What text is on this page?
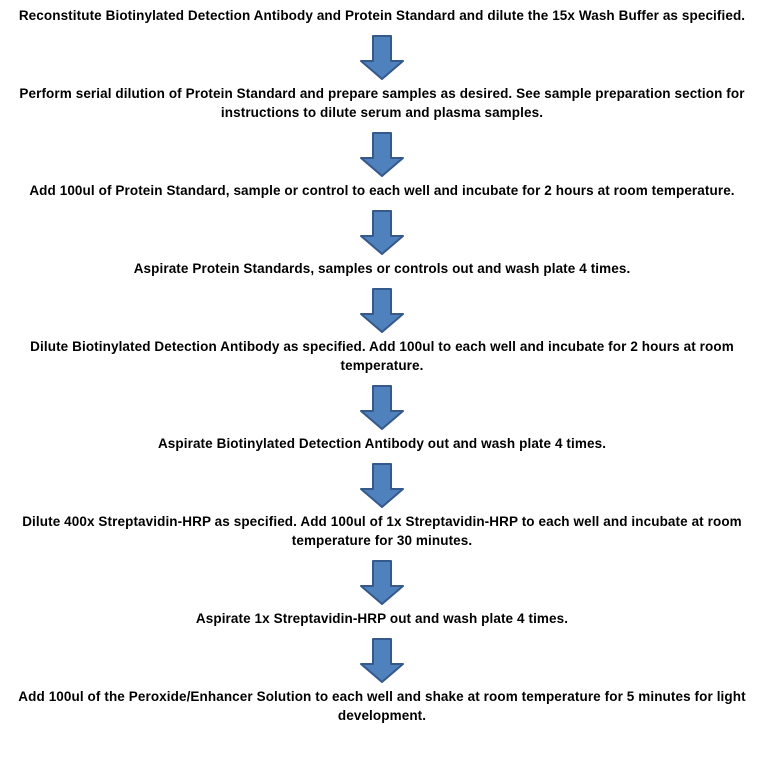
Reconstitute Biotinylated Detection Antibody and Protein Standard and dilute the 15x Wash Buffer as specified.
Perform serial dilution of Protein Standard and prepare samples as desired. See sample preparation section for instructions to dilute serum and plasma samples.
Add 100ul of Protein Standard, sample or control to each well and incubate for 2 hours at room temperature.
Aspirate Protein Standards, samples or controls out and wash plate 4 times.
Dilute Biotinylated Detection Antibody as specified. Add 100ul to each well and incubate for 2 hours at room temperature.
Aspirate Biotinylated Detection Antibody out and wash plate 4 times.
Dilute 400x Streptavidin-HRP as specified. Add 100ul of 1x Streptavidin-HRP to each well and incubate at room temperature for 30 minutes.
Aspirate 1x Streptavidin-HRP out and wash plate 4 times.
Add 100ul of the Peroxide/Enhancer Solution to each well and shake at room temperature for 5 minutes for light development.
